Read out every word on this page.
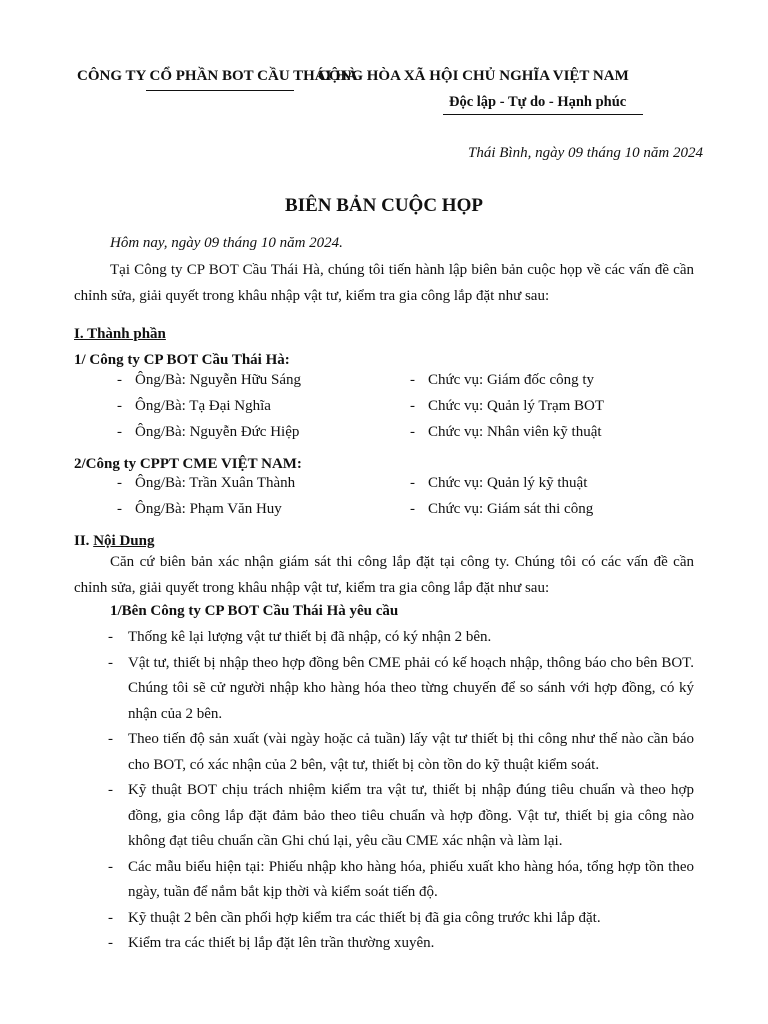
CÔNG TY CỔ PHẦN BOT CẦU THÁI HÀ
CỘNG HÒA XÃ HỘI CHỦ NGHĨA VIỆT NAM
Độc lập - Tự do - Hạnh phúc
Thái Bình, ngày 09 tháng 10 năm 2024
BIÊN BẢN CUỘC HỌP
Hôm nay, ngày 09 tháng 10 năm 2024.
Tại Công ty CP BOT Cầu Thái Hà, chúng tôi tiến hành lập biên bản cuộc họp về các vấn đề cần chỉnh sửa, giải quyết trong khâu nhập vật tư, kiểm tra gia công lắp đặt như sau:
I. Thành phần
1/ Công ty CP BOT Cầu Thái Hà:
- Ông/Bà: Nguyễn Hữu Sáng	- Chức vụ: Giám đốc công ty
- Ông/Bà: Tạ Đại Nghĩa	- Chức vụ: Quản lý Trạm BOT
- Ông/Bà: Nguyễn Đức Hiệp	- Chức vụ: Nhân viên kỹ thuật
2/Công ty CPPT CME VIỆT NAM:
- Ông/Bà: Trần Xuân Thành	- Chức vụ: Quản lý kỹ thuật
- Ông/Bà: Phạm Văn Huy	- Chức vụ: Giám sát thi công
II. Nội Dung
Căn cứ biên bản xác nhận giám sát thi công lắp đặt tại công ty. Chúng tôi có các vấn đề cần chỉnh sửa, giải quyết trong khâu nhập vật tư, kiểm tra gia công lắp đặt như sau:
1/Bên Công ty CP BOT Cầu Thái Hà yêu cầu
- Thống kê lại lượng vật tư thiết bị đã nhập, có ký nhận 2 bên.
- Vật tư, thiết bị nhập theo hợp đồng bên CME phải có kế hoạch nhập, thông báo cho bên BOT. Chúng tôi sẽ cử người nhập kho hàng hóa theo từng chuyến để so sánh với hợp đồng, có ký nhận của 2 bên.
- Theo tiến độ sản xuất (vài ngày hoặc cả tuần) lấy vật tư thiết bị thi công như thế nào cần báo cho BOT, có xác nhận của 2 bên, vật tư, thiết bị còn tồn do kỹ thuật kiểm soát.
- Kỹ thuật BOT chịu trách nhiệm kiểm tra vật tư, thiết bị nhập đúng tiêu chuẩn và theo hợp đồng, gia công lắp đặt đảm bảo theo tiêu chuẩn và hợp đồng. Vật tư, thiết bị gia công nào không đạt tiêu chuẩn cần Ghi chú lại, yêu cầu CME xác nhận và làm lại.
- Các mẫu biểu hiện tại: Phiếu nhập kho hàng hóa, phiếu xuất kho hàng hóa, tổng hợp tồn theo ngày, tuần để nắm bắt kịp thời và kiểm soát tiến độ.
- Kỹ thuật 2 bên cần phối hợp kiểm tra các thiết bị đã gia công trước khi lắp đặt.
- Kiểm tra các thiết bị lắp đặt lên trần thường xuyên.
